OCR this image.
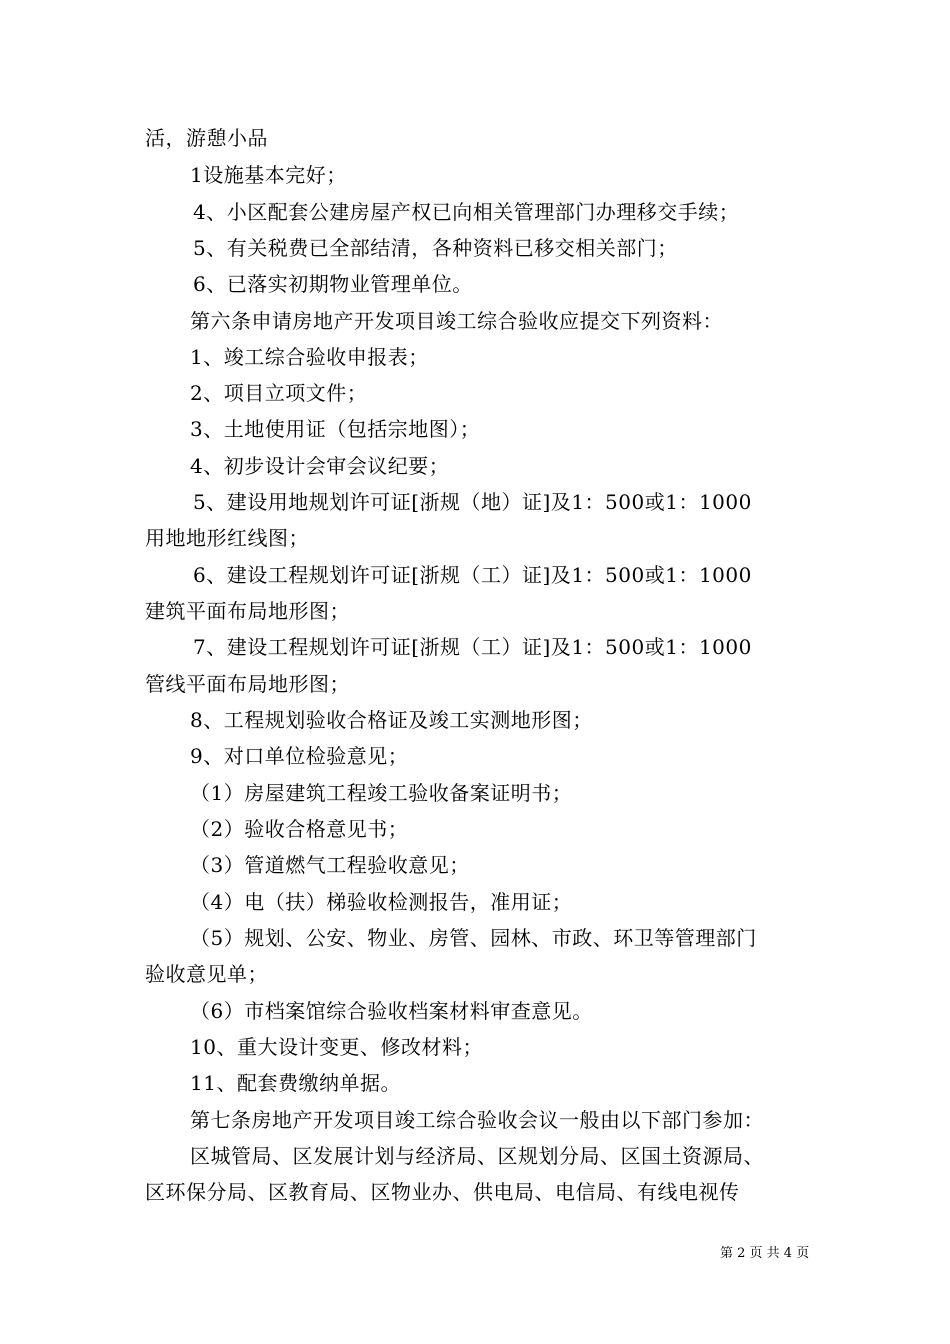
活，游憩小品
1设施基本完好；
4、小区配套公建房屋产权已向相关管理部门办理移交手续；
5、有关税费已全部结清，各种资料已移交相关部门；
6、已落实初期物业管理单位。
第六条申请房地产开发项目竣工综合验收应提交下列资料：
1、竣工综合验收申报表；
2、项目立项文件；
3、土地使用证（包括宗地图）；
4、初步设计会审会议纪要；
5、建设用地规划许可证[浙规（地）证]及1：500或1：1000
用地地形红线图；
6、建设工程规划许可证[浙规（工）证]及1：500或1：1000
建筑平面布局地形图；
7、建设工程规划许可证[浙规（工）证]及1：500或1：1000
管线平面布局地形图；
8、工程规划验收合格证及竣工实测地形图；
9、对口单位检验意见；
（1）房屋建筑工程竣工验收备案证明书；
（2）验收合格意见书；
（3）管道燃气工程验收意见；
（4）电（扶）梯验收检测报告，准用证；
（5）规划、公安、物业、房管、园林、市政、环卫等管理部门
验收意见单；
（6）市档案馆综合验收档案材料审查意见。
10、重大设计变更、修改材料；
11、配套费缴纳单据。
第七条房地产开发项目竣工综合验收会议一般由以下部门参加：
区城管局、区发展计划与经济局、区规划分局、区国土资源局、
区环保分局、区教育局、区物业办、供电局、电信局、有线电视传
第 2 页 共 4 页
